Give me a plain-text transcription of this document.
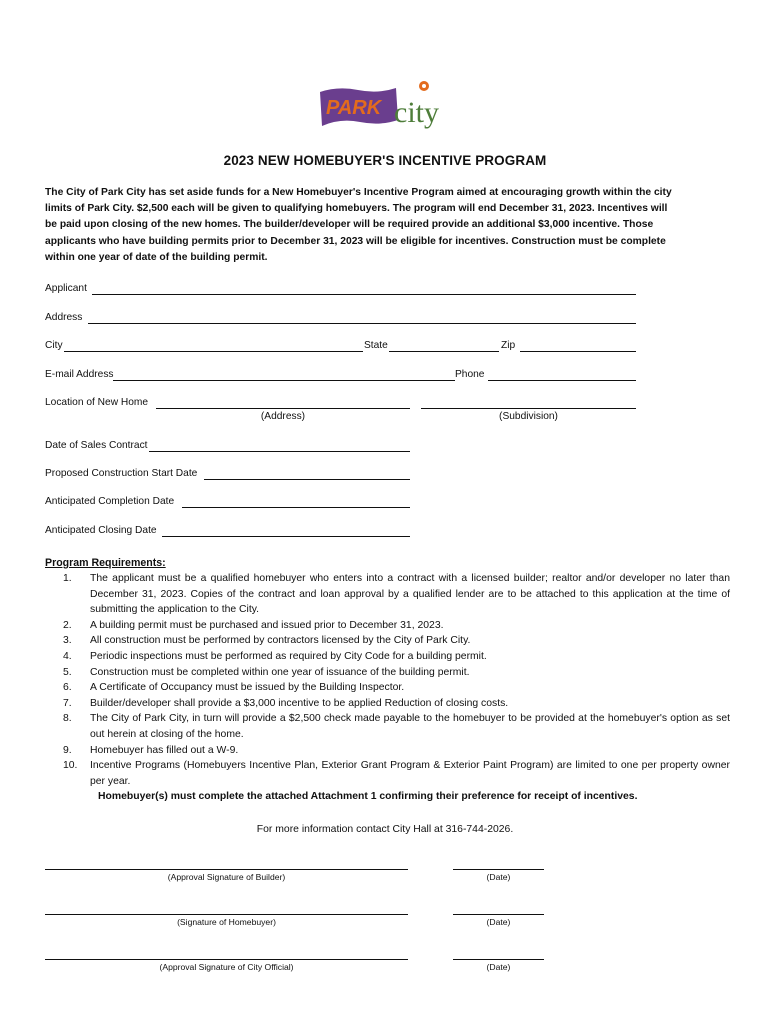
PARK city
2023 NEW HOMEBUYER'S INCENTIVE PROGRAM
The City of Park City has set aside funds for a New Homebuyer's Incentive Program aimed at encouraging growth within the city
limits of Park City. $2,500 each will be given to qualifying homebuyers. The program will end December 31, 2023. Incentives will
be paid upon closing of the new homes. The builder/developer will be required provide an additional $3,000 incentive. Those
applicants who have building permits prior to December 31, 2023 will be eligible for incentives. Construction must be complete
within one year of date of the building permit.
Applicant
Address
City	State	Zip
E-mail Address	Phone
Location of New Home
(Address)	(Subdivision)
Date of Sales Contract
Proposed Construction Start Date
Anticipated Completion Date
Anticipated Closing Date
Program Requirements:
1.	The applicant must be a qualified homebuyer who enters into a contract with a licensed builder; realtor and/or developer no later than December 31, 2023. Copies of the contract and loan approval by a qualified lender are to be attached to this application at the time of submitting the application to the City.
2.	A building permit must be purchased and issued prior to December 31, 2023.
3.	All construction must be performed by contractors licensed by the City of Park City.
4.	Periodic inspections must be performed as required by City Code for a building permit.
5.	Construction must be completed within one year of issuance of the building permit.
6.	A Certificate of Occupancy must be issued by the Building Inspector.
7.	Builder/developer shall provide a $3,000 incentive to be applied Reduction of closing costs.
8.	The City of Park City, in turn will provide a $2,500 check made payable to the homebuyer to be provided at the homebuyer's option as set out herein at closing of the home.
9.	Homebuyer has filled out a W-9.
10.	Incentive Programs (Homebuyers Incentive Plan, Exterior Grant Program & Exterior Paint Program) are limited to one per property owner per year.
Homebuyer(s) must complete the attached Attachment 1 confirming their preference for receipt of incentives.
For more information contact City Hall at 316-744-2026.
(Approval Signature of Builder)	(Date)
(Signature of Homebuyer)	(Date)
(Approval Signature of City Official)	(Date)
